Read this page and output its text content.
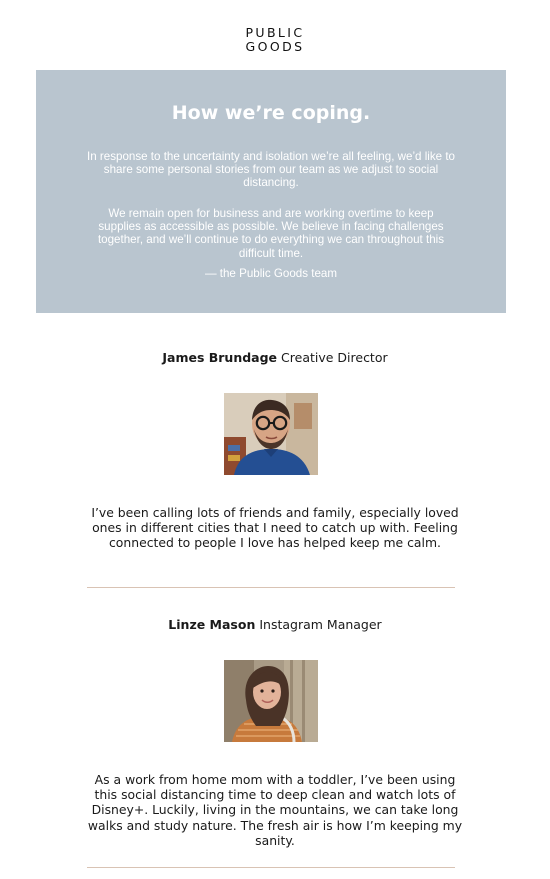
PUBLIC
GOODS
How we’re coping.
In response to the uncertainty and isolation we’re all feeling, we’d like to share some personal stories from our team as we adjust to social distancing.
We remain open for business and are working overtime to keep supplies as accessible as possible. We believe in facing challenges together, and we’ll continue to do everything we can throughout this difficult time.
— the Public Goods team
James Brundage Creative Director
I’ve been calling lots of friends and family, especially loved ones in different cities that I need to catch up with. Feeling connected to people I love has helped keep me calm.
Linze Mason Instagram Manager
As a work from home mom with a toddler, I’ve been using this social distancing time to deep clean and watch lots of Disney+. Luckily, living in the mountains, we can take long walks and study nature. The fresh air is how I’m keeping my sanity.
